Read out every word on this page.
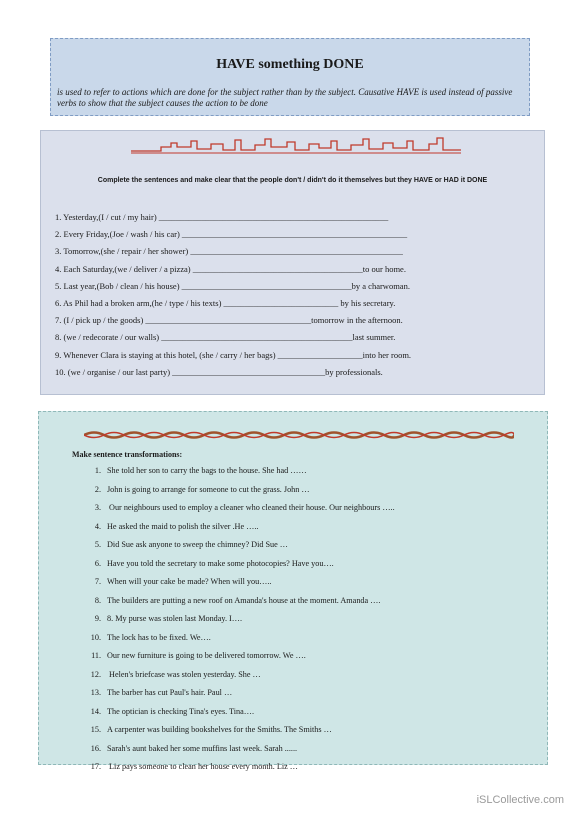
HAVE something DONE
is used to refer to actions which are done for the subject rather than by the subject. Causative HAVE is used instead of passive verbs to show that the subject causes the action to be done
Complete the sentences and make clear that the people don't / didn't do it themselves but they HAVE or HAD it DONE
1. Yesterday,(I / cut / my hair) ______________________________________________________
2. Every Friday,(Joe / wash / his car) _____________________________________________________
3. Tomorrow,(she / repair / her shower) __________________________________________________
4. Each Saturday,(we / deliver / a pizza) ________________________________________to our home.
5. Last year,(Bob / clean / his house) ________________________________________by a charwoman.
6. As Phil had a broken arm,(he / type / his texts) ___________________________ by his secretary.
7. (I / pick up / the goods) _______________________________________tomorrow in the afternoon.
8. (we / redecorate / our walls) _____________________________________________last summer.
9. Whenever Clara is staying at this hotel, (she / carry / her bags) ____________________into her room.
10. (we / organise / our last party) ____________________________________by professionals.
Make sentence transformations:
1. She told her son to carry the bags to the house. She had ……
2. John is going to arrange for someone to cut the grass. John …
3. Our neighbours used to employ a cleaner who cleaned their house. Our neighbours …..
4. He asked the maid to polish the silver .He …..
5. Did Sue ask anyone to sweep the chimney? Did Sue …
6. Have you told the secretary to make some photocopies? Have you….
7. When will your cake be made? When will you…..
8. The builders are putting a new roof on Amanda's house at the moment. Amanda ….
9. 8. My purse was stolen last Monday. I….
10. The lock has to be fixed. We….
11. Our new furniture is going to be delivered tomorrow. We ….
12. Helen's briefcase was stolen yesterday. She …
13. The barber has cut Paul's hair. Paul …
14. The optician is checking Tina's eyes. Tina….
15. A carpenter was building bookshelves for the Smiths. The Smiths …
16. Sarah's aunt baked her some muffins last week. Sarah ......
17. Liz pays someone to clean her house every month. Liz …
iSLCollective.com
